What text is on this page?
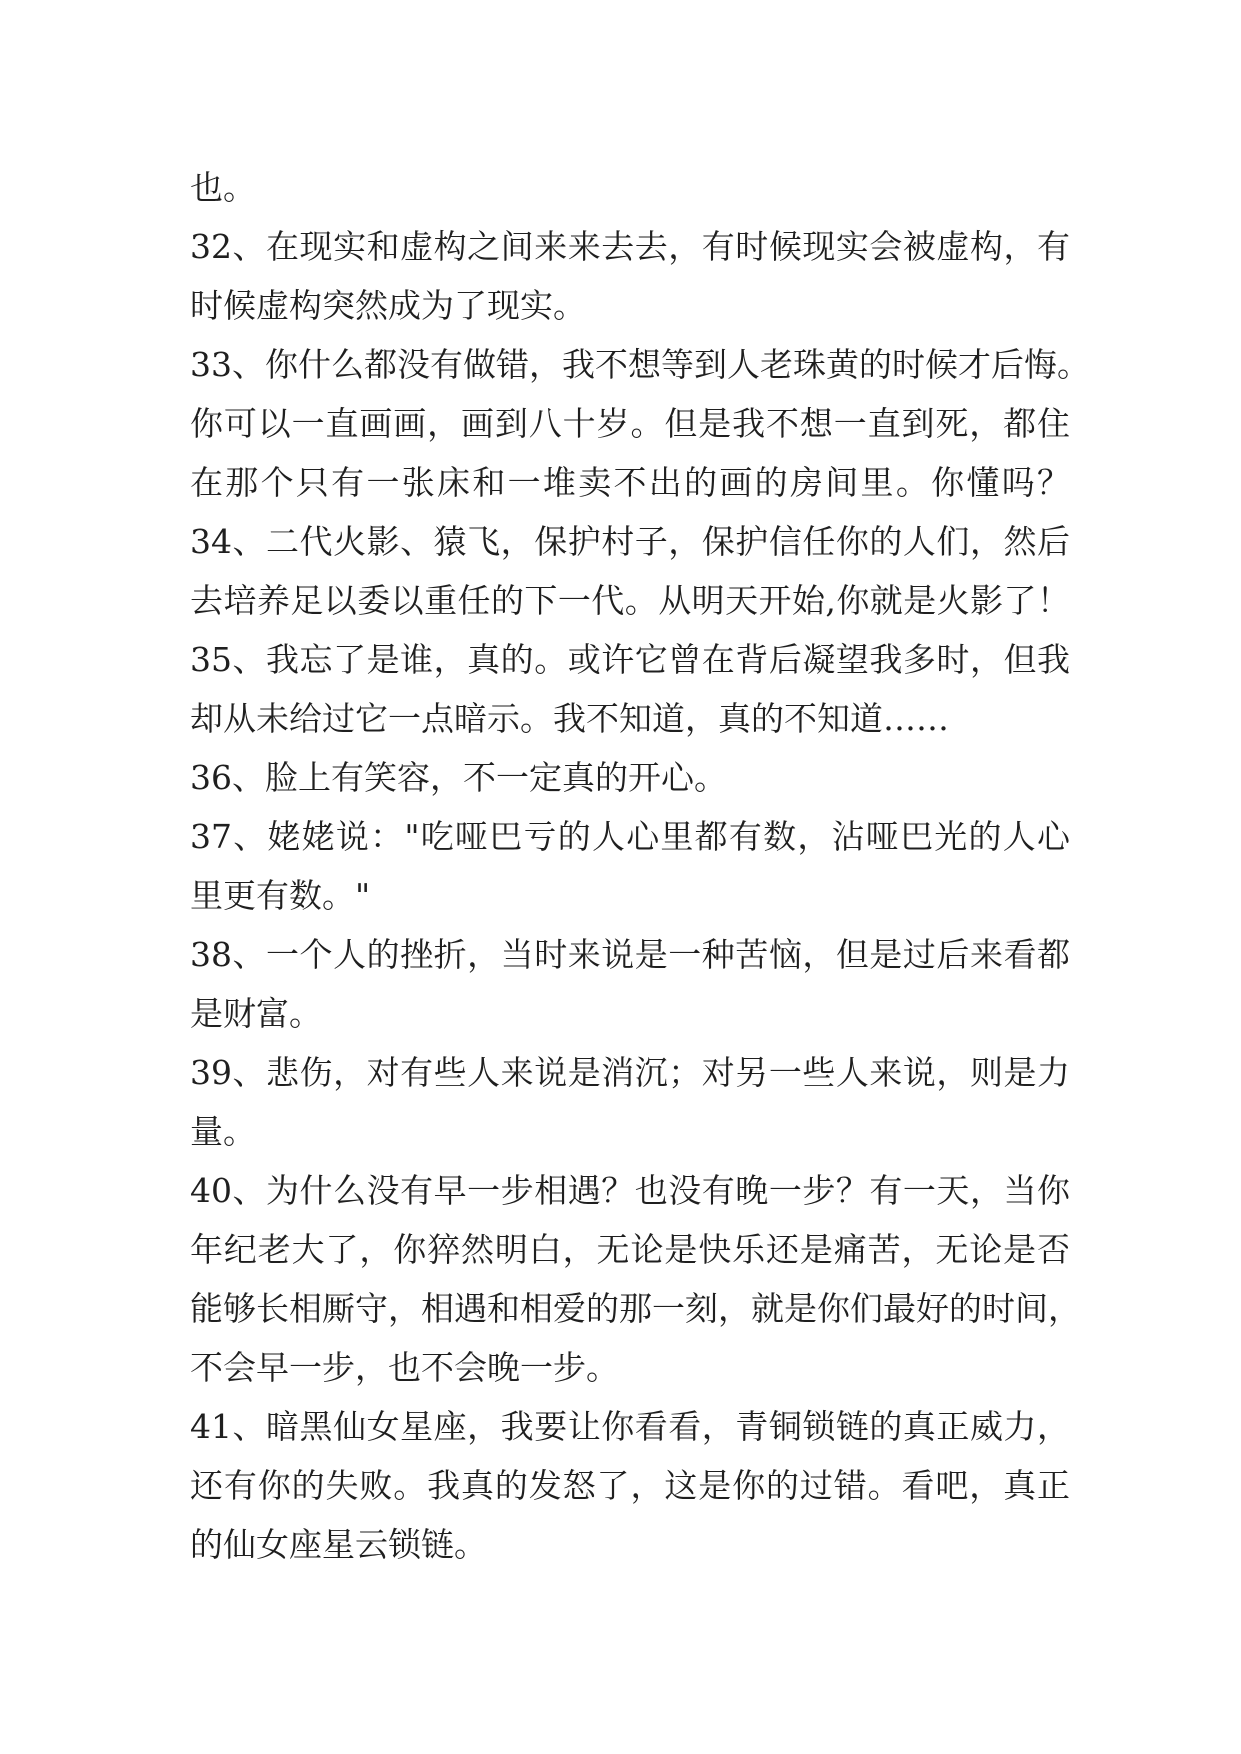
也。
32、在现实和虚构之间来来去去，有时候现实会被虚构，有
时候虚构突然成为了现实。
33、你什么都没有做错，我不想等到人老珠黄的时候才后悔。
你可以一直画画，画到八十岁。但是我不想一直到死，都住
在那个只有一张床和一堆卖不出的画的房间里。你懂吗？
34、二代火影、猿飞，保护村子，保护信任你的人们，然后
去培养足以委以重任的下一代。从明天开始,你就是火影了！
35、我忘了是谁，真的。或许它曾在背后凝望我多时，但我
却从未给过它一点暗示。我不知道，真的不知道……
36、脸上有笑容，不一定真的开心。
37、姥姥说："吃哑巴亏的人心里都有数，沾哑巴光的人心
里更有数。"
38、一个人的挫折，当时来说是一种苦恼，但是过后来看都
是财富。
39、悲伤，对有些人来说是消沉；对另一些人来说，则是力
量。
40、为什么没有早一步相遇？也没有晚一步？有一天，当你
年纪老大了，你猝然明白，无论是快乐还是痛苦，无论是否
能够长相厮守，相遇和相爱的那一刻，就是你们最好的时间，
不会早一步，也不会晚一步。
41、暗黑仙女星座，我要让你看看，青铜锁链的真正威力，
还有你的失败。我真的发怒了，这是你的过错。看吧，真正
的仙女座星云锁链。
